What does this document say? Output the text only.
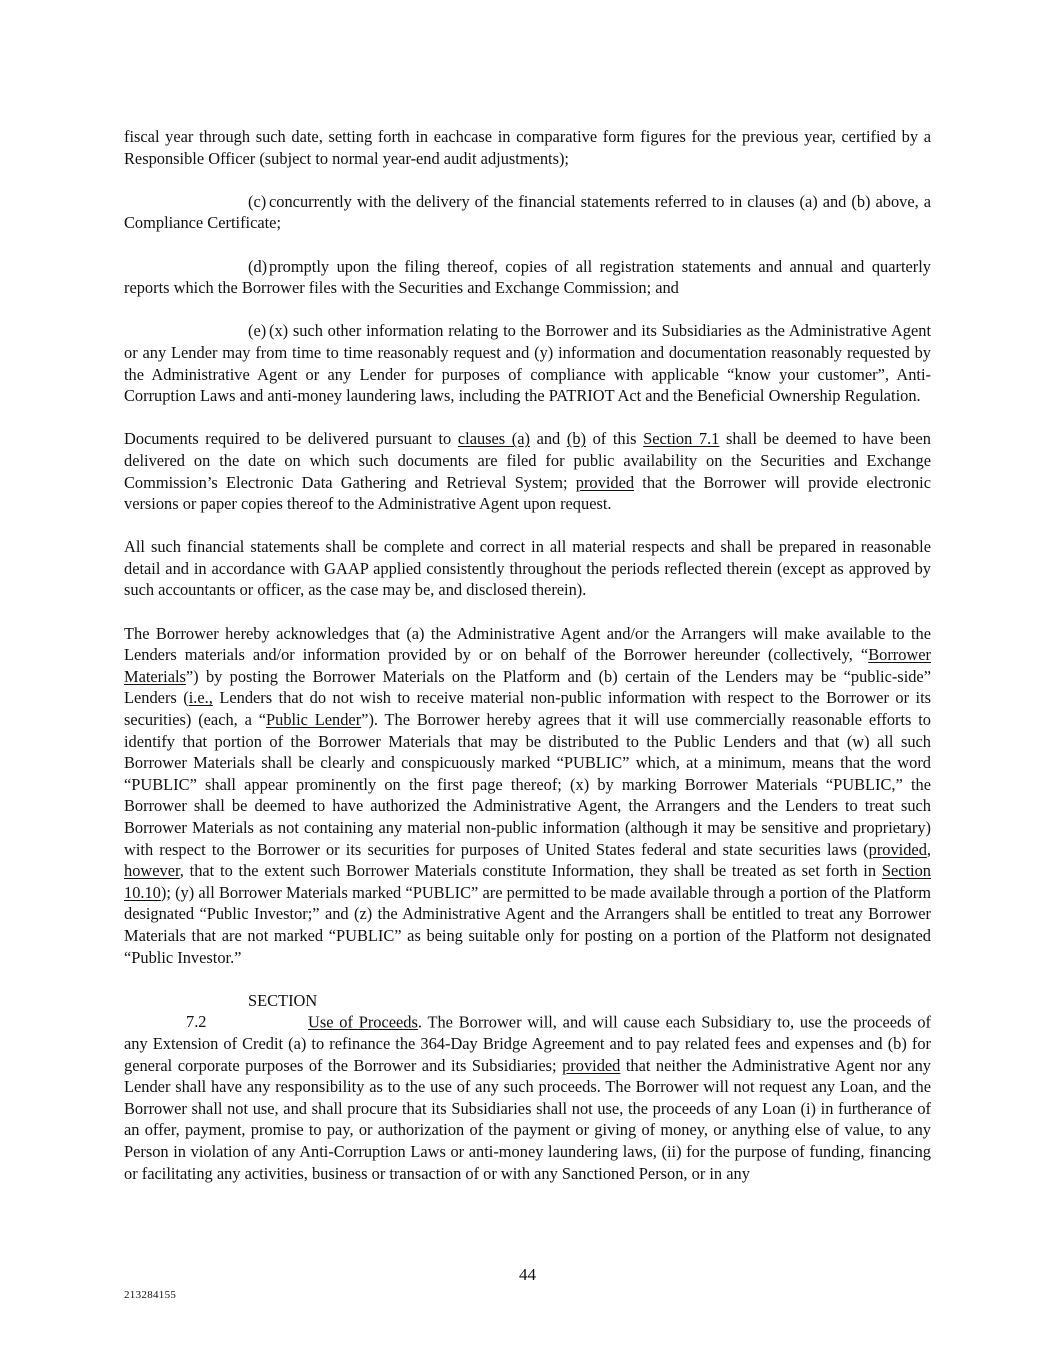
fiscal year through such date, setting forth in eachcase in comparative form figures for the previous year, certified by a Responsible Officer (subject to normal year-end audit adjustments);

(c) concurrently with the delivery of the financial statements referred to in clauses (a) and (b) above, a Compliance Certificate;

(d) promptly upon the filing thereof, copies of all registration statements and annual and quarterly reports which the Borrower files with the Securities and Exchange Commission; and

(e) (x) such other information relating to the Borrower and its Subsidiaries as the Administrative Agent or any Lender may from time to time reasonably request and (y) information and documentation reasonably requested by the Administrative Agent or any Lender for purposes of compliance with applicable “know your customer”, Anti-Corruption Laws and anti-money laundering laws, including the PATRIOT Act and the Beneficial Ownership Regulation.

Documents required to be delivered pursuant to clauses (a) and (b) of this Section 7.1 shall be deemed to have been delivered on the date on which such documents are filed for public availability on the Securities and Exchange Commission’s Electronic Data Gathering and Retrieval System; provided that the Borrower will provide electronic versions or paper copies thereof to the Administrative Agent upon request.

All such financial statements shall be complete and correct in all material respects and shall be prepared in reasonable detail and in accordance with GAAP applied consistently throughout the periods reflected therein (except as approved by such accountants or officer, as the case may be, and disclosed therein).

The Borrower hereby acknowledges that (a) the Administrative Agent and/or the Arrangers will make available to the Lenders materials and/or information provided by or on behalf of the Borrower hereunder (collectively, “Borrower Materials”) by posting the Borrower Materials on the Platform and (b) certain of the Lenders may be “public-side” Lenders (i.e., Lenders that do not wish to receive material non-public information with respect to the Borrower or its securities) (each, a “Public Lender”). The Borrower hereby agrees that it will use commercially reasonable efforts to identify that portion of the Borrower Materials that may be distributed to the Public Lenders and that (w) all such Borrower Materials shall be clearly and conspicuously marked “PUBLIC” which, at a minimum, means that the word “PUBLIC” shall appear prominently on the first page thereof; (x) by marking Borrower Materials “PUBLIC,” the Borrower shall be deemed to have authorized the Administrative Agent, the Arrangers and the Lenders to treat such Borrower Materials as not containing any material non-public information (although it may be sensitive and proprietary) with respect to the Borrower or its securities for purposes of United States federal and state securities laws (provided, however, that to the extent such Borrower Materials constitute Information, they shall be treated as set forth in Section 10.10); (y) all Borrower Materials marked “PUBLIC” are permitted to be made available through a portion of the Platform designated “Public Investor;” and (z) the Administrative Agent and the Arrangers shall be entitled to treat any Borrower Materials that are not marked “PUBLIC” as being suitable only for posting on a portion of the Platform not designated “Public Investor.”

SECTION 7.2	Use of Proceeds. The Borrower will, and will cause each Subsidiary to, use the proceeds of any Extension of Credit (a) to refinance the 364-Day Bridge Agreement and to pay related fees and expenses and (b) for general corporate purposes of the Borrower and its Subsidiaries; provided that neither the Administrative Agent nor any Lender shall have any responsibility as to the use of any such proceeds. The Borrower will not request any Loan, and the Borrower shall not use, and shall procure that its Subsidiaries shall not use, the proceeds of any Loan (i) in furtherance of an offer, payment, promise to pay, or authorization of the payment or giving of money, or anything else of value, to any Person in violation of any Anti-Corruption Laws or anti-money laundering laws, (ii) for the purpose of funding, financing or facilitating any activities, business or transaction of or with any Sanctioned Person, or in any

44
213284155
